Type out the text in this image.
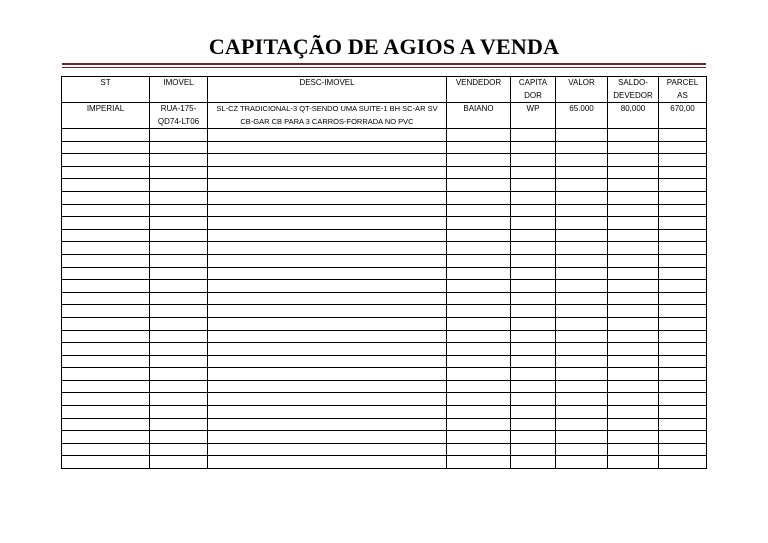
CAPITAÇÃO DE AGIOS A VENDA
ST	IMOVEL	DESC-IMOVEL	VENDEDOR	CAPITA DOR	VALOR	SALDO-DEVEDOR	PARCEL AS
IMPERIAL	RUA-175-QD74-LT06	SL-CZ TRADICIONAL-3 QT-SENDO UMA SUITE-1 BH SC-AR SV CB-GAR CB PARA 3 CARROS-FORRADA NO PVC	BAIANO	WP	65.000	80,000	670,00
